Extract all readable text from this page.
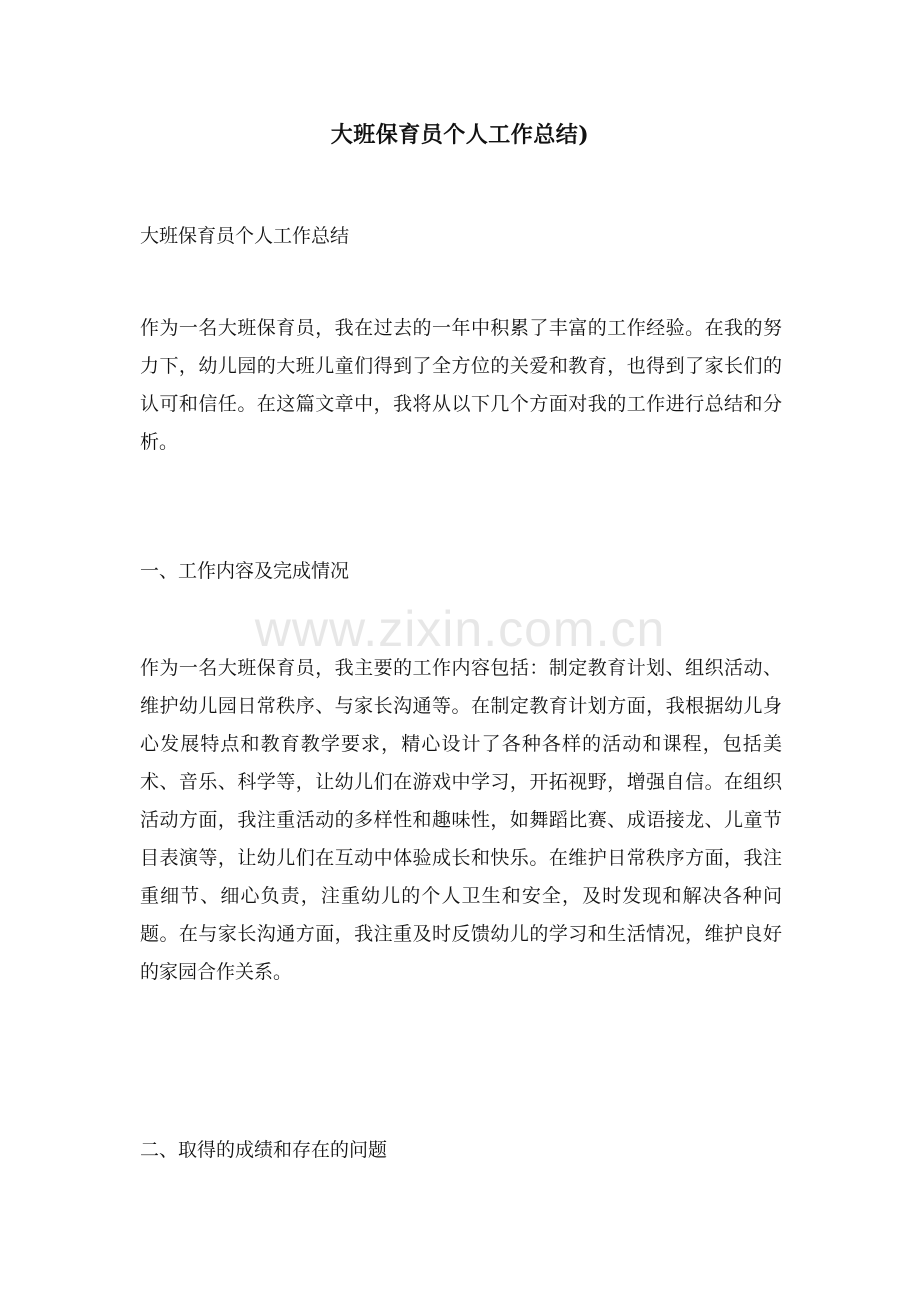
大班保育员个人工作总结)

大班保育员个人工作总结

作为一名大班保育员，我在过去的一年中积累了丰富的工作经验。在我的努力下，幼儿园的大班儿童们得到了全方位的关爱和教育，也得到了家长们的认可和信任。在这篇文章中，我将从以下几个方面对我的工作进行总结和分析。

一、工作内容及完成情况

作为一名大班保育员，我主要的工作内容包括：制定教育计划、组织活动、维护幼儿园日常秩序、与家长沟通等。在制定教育计划方面，我根据幼儿身心发展特点和教育教学要求，精心设计了各种各样的活动和课程，包括美术、音乐、科学等，让幼儿们在游戏中学习，开拓视野，增强自信。在组织活动方面，我注重活动的多样性和趣味性，如舞蹈比赛、成语接龙、儿童节目表演等，让幼儿们在互动中体验成长和快乐。在维护日常秩序方面，我注重细节、细心负责，注重幼儿的个人卫生和安全，及时发现和解决各种问题。在与家长沟通方面，我注重及时反馈幼儿的学习和生活情况，维护良好的家园合作关系。

二、取得的成绩和存在的问题

www.zixin.com.cn
